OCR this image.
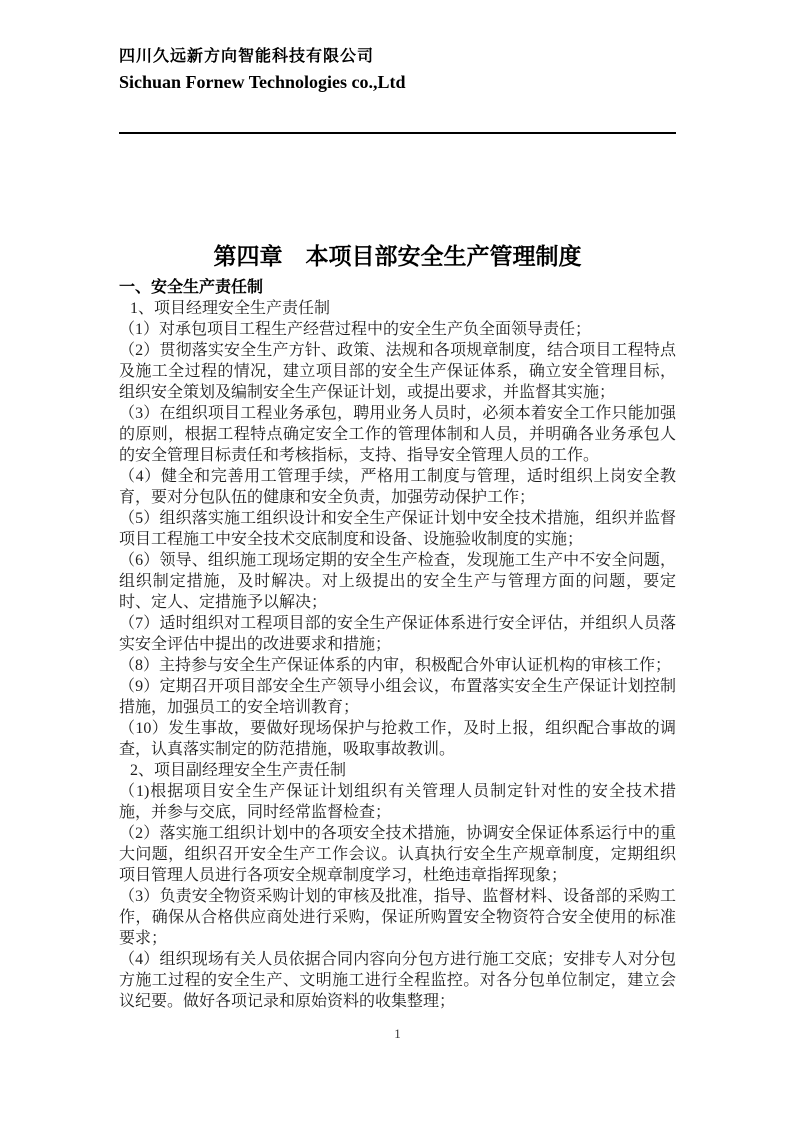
四川久远新方向智能科技有限公司
Sichuan Fornew Technologies co.,Ltd
第四章　本项目部安全生产管理制度
一、安全生产责任制
1、项目经理安全生产责任制
（1）对承包项目工程生产经营过程中的安全生产负全面领导责任；
（2）贯彻落实安全生产方针、政策、法规和各项规章制度，结合项目工程特点及施工全过程的情况，建立项目部的安全生产保证体系，确立安全管理目标，组织安全策划及编制安全生产保证计划，或提出要求，并监督其实施；
（3）在组织项目工程业务承包，聘用业务人员时，必须本着安全工作只能加强的原则，根据工程特点确定安全工作的管理体制和人员，并明确各业务承包人的安全管理目标责任和考核指标，支持、指导安全管理人员的工作。
（4）健全和完善用工管理手续，严格用工制度与管理，适时组织上岗安全教育，要对分包队伍的健康和安全负责，加强劳动保护工作；
（5）组织落实施工组织设计和安全生产保证计划中安全技术措施，组织并监督项目工程施工中安全技术交底制度和设备、设施验收制度的实施；
（6）领导、组织施工现场定期的安全生产检查，发现施工生产中不安全问题，组织制定措施，及时解决。对上级提出的安全生产与管理方面的问题，要定时、定人、定措施予以解决；
（7）适时组织对工程项目部的安全生产保证体系进行安全评估，并组织人员落实安全评估中提出的改进要求和措施；
（8）主持参与安全生产保证体系的内审，积极配合外审认证机构的审核工作；
（9）定期召开项目部安全生产领导小组会议，布置落实安全生产保证计划控制措施，加强员工的安全培训教育；
（10）发生事故，要做好现场保护与抢救工作，及时上报，组织配合事故的调查，认真落实制定的防范措施，吸取事故教训。
2、项目副经理安全生产责任制
（1)根据项目安全生产保证计划组织有关管理人员制定针对性的安全技术措施，并参与交底，同时经常监督检查；
（2）落实施工组织计划中的各项安全技术措施，协调安全保证体系运行中的重大问题，组织召开安全生产工作会议。认真执行安全生产规章制度，定期组织项目管理人员进行各项安全规章制度学习，杜绝违章指挥现象；
（3）负责安全物资采购计划的审核及批准，指导、监督材料、设备部的采购工作，确保从合格供应商处进行采购，保证所购置安全物资符合安全使用的标准要求；
（4）组织现场有关人员依据合同内容向分包方进行施工交底；安排专人对分包方施工过程的安全生产、文明施工进行全程监控。对各分包单位制定，建立会议纪要。做好各项记录和原始资料的收集整理；
1
